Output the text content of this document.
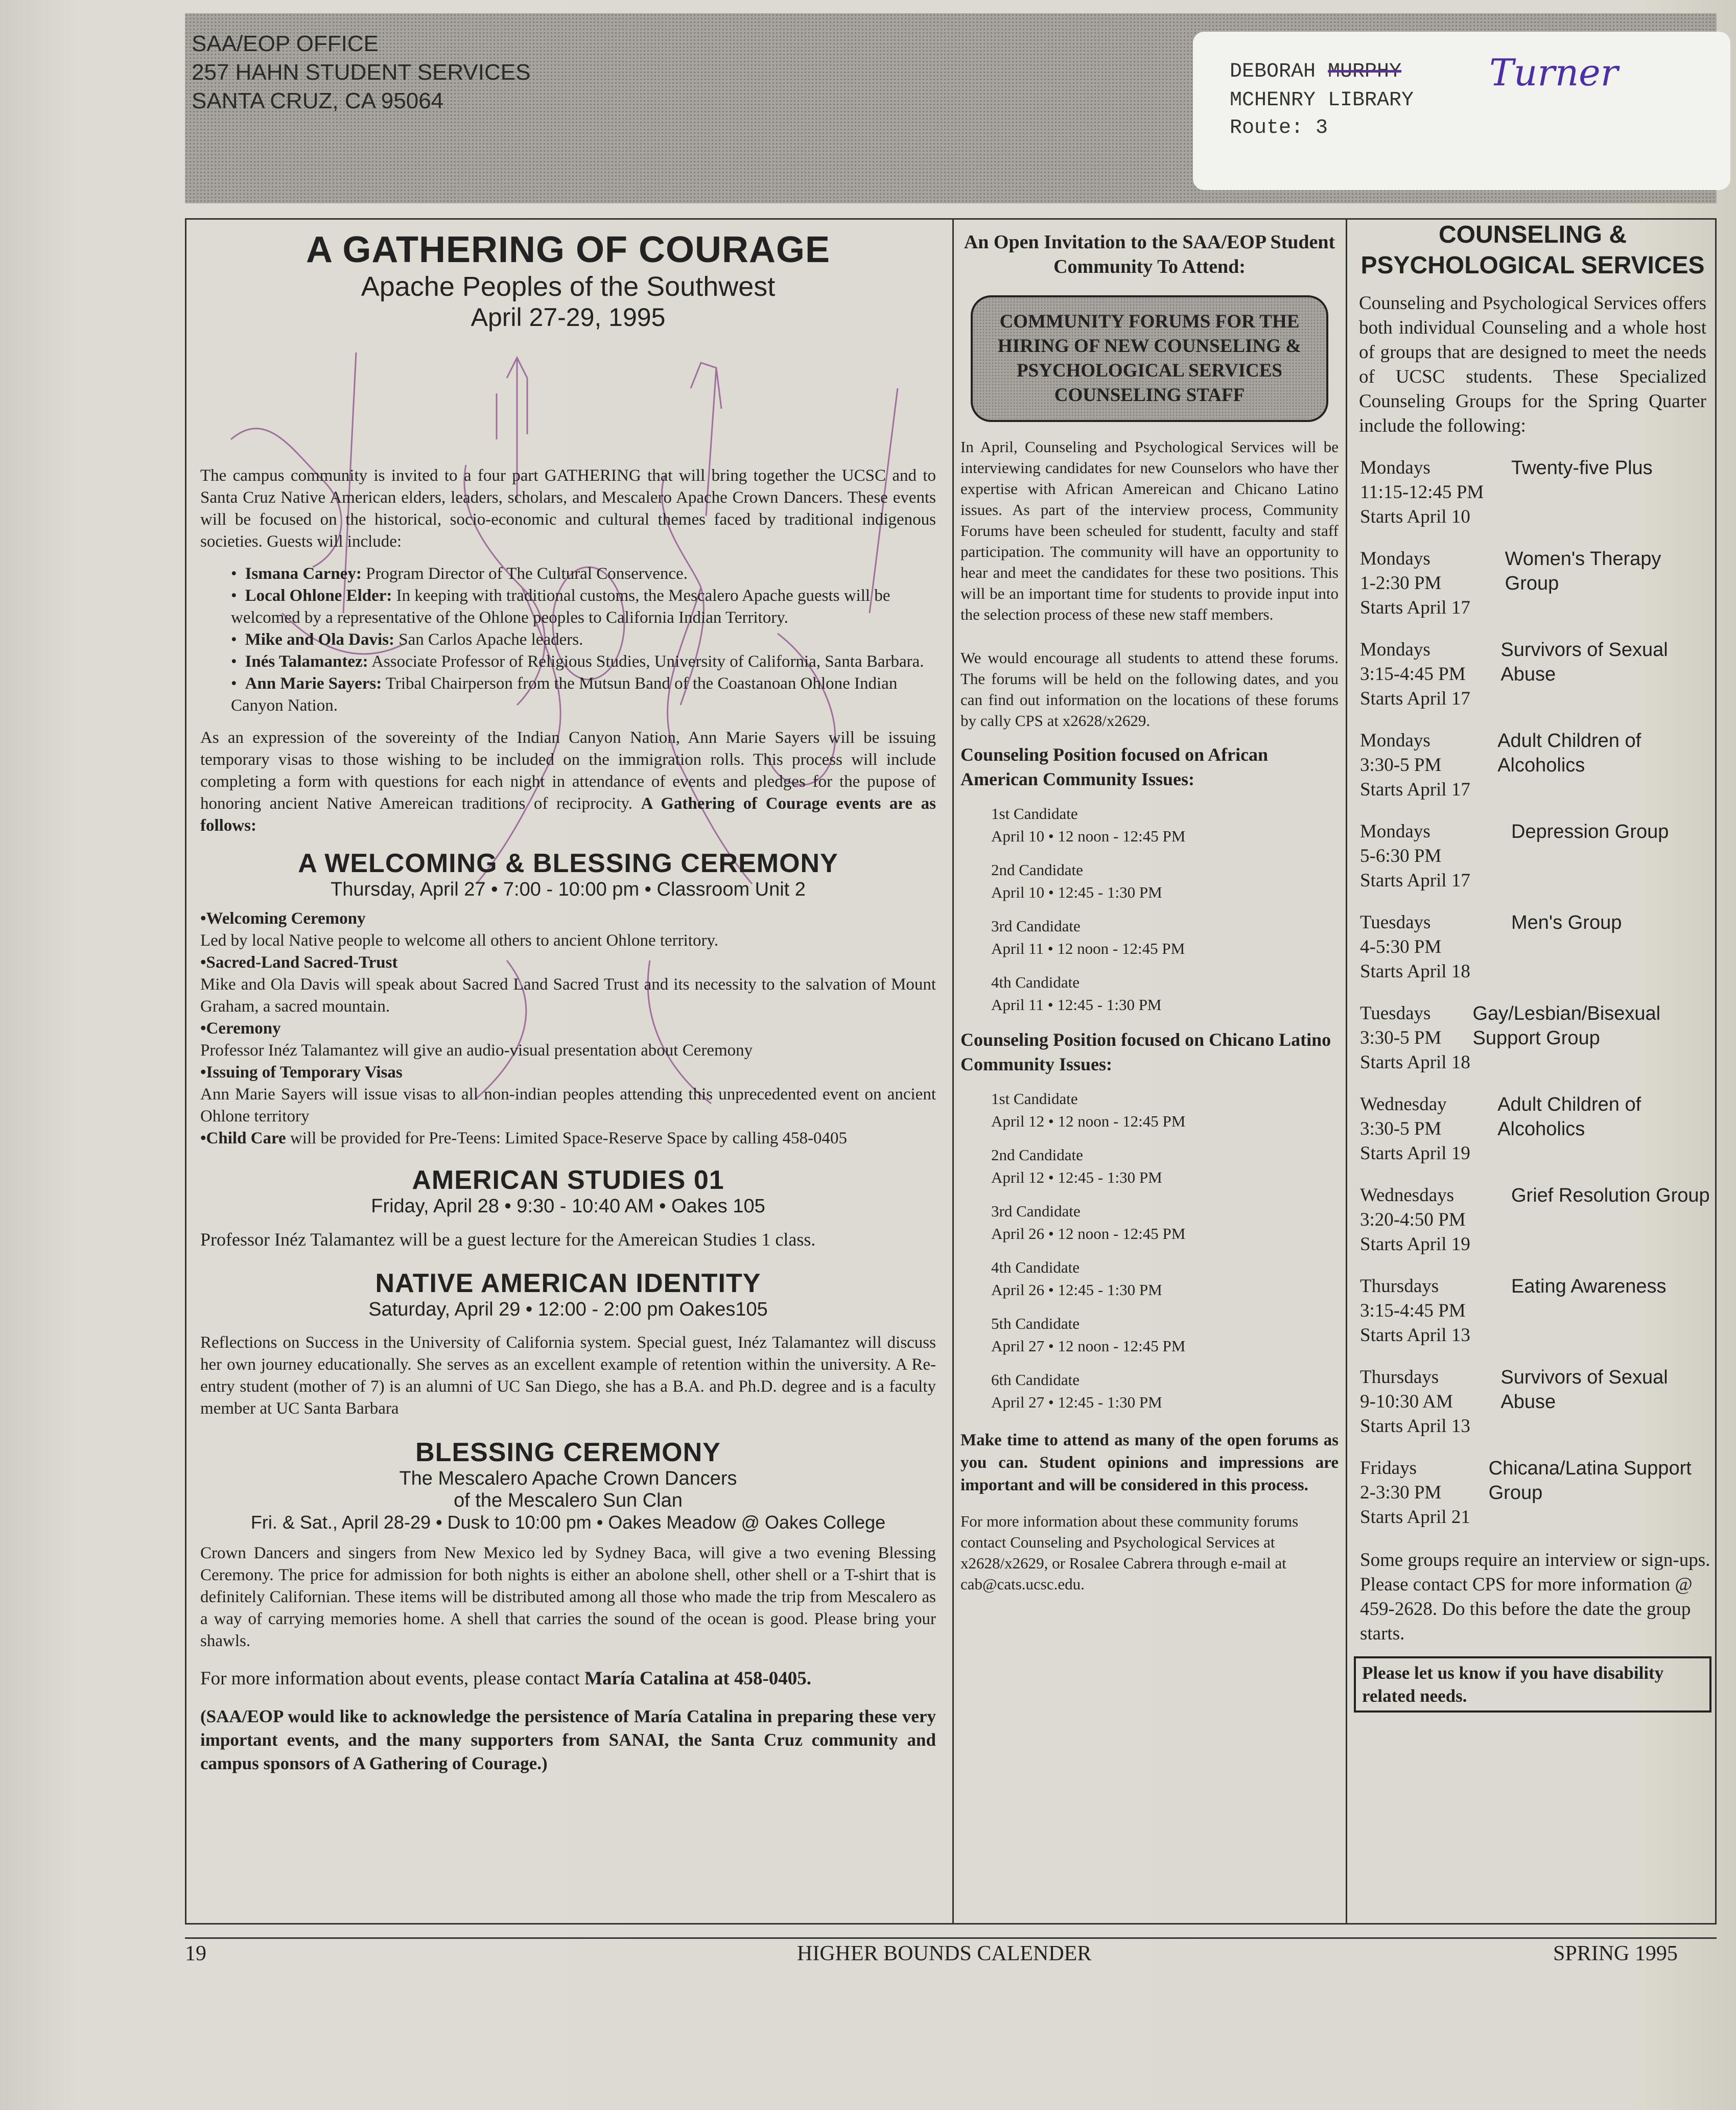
SAA/EOP OFFICE
257 HAHN STUDENT SERVICES
SANTA CRUZ, CA 95064
DEBORAH MURPHY Turner
MCHENRY LIBRARY
Route: 3
A GATHERING OF COURAGE
Apache Peoples of the Southwest
April 27-29, 1995

The campus community is invited to a four part GATHERING that will bring together the UCSC and to Santa Cruz Native American elders, leaders, scholars, and Mescalero Apache Crown Dancers. These events will be focused on the historical, socio-economic and cultural themes faced by traditional indigenous societies. Guests will include:

• Ismana Carney: Program Director of The Cultural Conservence.
• Local Ohlone Elder: In keeping with traditional customs, the Mescalero Apache guests will be welcomed by a representative of the Ohlone peoples to California Indian Territory.
• Mike and Ola Davis: San Carlos Apache leaders.
• Inés Talamantez: Associate Professor of Religious Studies, University of California, Santa Barbara.
• Ann Marie Sayers: Tribal Chairperson from the Mutsun Band of the Coastanoan Ohlone Indian Canyon Nation.

As an expression of the sovereinty of the Indian Canyon Nation, Ann Marie Sayers will be issuing temporary visas to those wishing to be included on the immigration rolls. This process will include completing a form with questions for each night in attendance of events and pledges for the pupose of honoring ancient Native Amereican traditions of reciprocity. A Gathering of Courage events are as follows:

A WELCOMING & BLESSING CEREMONY
Thursday, April 27 • 7:00 - 10:00 pm • Classroom Unit 2
•Welcoming Ceremony

Led by local Native people to welcome all others to ancient Ohlone territory.

•Sacred-Land Sacred-Trust

Mike and Ola Davis will speak about Sacred Land Sacred Trust and its necessity to the salvation of Mount Graham, a sacred mountain.

•Ceremony

Professor Inéz Talamantez will give an audio-visual presentation about Ceremony

•Issuing of Temporary Visas

Ann Marie Sayers will issue visas to all non-indian peoples attending this unprecedented event on ancient Ohlone territory

•Child Care will be provided for Pre-Teens: Limited Space-Reserve Space by calling 458-0405

AMERICAN STUDIES 01
Friday, April 28 • 9:30 - 10:40 AM • Oakes 105

Professor Inéz Talamantez will be a guest lecture for the Amereican Studies 1 class.

NATIVE AMERICAN IDENTITY
Saturday, April 29 • 12:00 - 2:00 pm Oakes105

Reflections on Success in the University of California system. Special guest, Inéz Talamantez will discuss her own journey educationally. She serves as an excellent example of retention within the university. A Re-entry student (mother of 7) is an alumni of UC San Diego, she has a B.A. and Ph.D. degree and is a faculty member at UC Santa Barbara

BLESSING CEREMONY
The Mescalero Apache Crown Dancers
of the Mescalero Sun Clan
Fri. & Sat., April 28-29 • Dusk to 10:00 pm • Oakes Meadow @ Oakes College

Crown Dancers and singers from New Mexico led by Sydney Baca, will give a two evening Blessing Ceremony. The price for admission for both nights is either an abolone shell, other shell or a T-shirt that is definitely Californian. These items will be distributed among all those who made the trip from Mescalero as a way of carrying memories home. A shell that carries the sound of the ocean is good. Please bring your shawls.

For more information about events, please contact María Catalina at 458-0405.

(SAA/EOP would like to acknowledge the persistence of María Catalina in preparing these very important events, and the many supporters from SANAI, the Santa Cruz community and campus sponsors of A Gathering of Courage.)

An Open Invitation to the SAA/EOP Student Community To Attend:
COMMUNITY FORUMS FOR THE HIRING OF NEW COUNSELING & PSYCHOLOGICAL SERVICES COUNSELING STAFF

In April, Counseling and Psychological Services will be interviewing candidates for new Counselors who have ther expertise with African Amereican and Chicano Latino issues. As part of the interview process, Community Forums have been scheuled for studentt, faculty and staff participation. The community will have an opportunity to hear and meet the candidates for these two positions. This will be an important time for students to provide input into the selection process of these new staff members.

We would encourage all students to attend these forums. The forums will be held on the following dates, and you can find out information on the locations of these forums by cally CPS at x2628/x2629.

Counseling Position focused on African American Community Issues:
1st Candidate
April 10 • 12 noon - 12:45 PM
2nd Candidate
April 10 • 12:45 - 1:30 PM
3rd Candidate
April 11 • 12 noon - 12:45 PM
4th Candidate
April 11 • 12:45 - 1:30 PM
Counseling Position focused on Chicano Latino Community Issues:
1st Candidate
April 12 • 12 noon - 12:45 PM
2nd Candidate
April 12 • 12:45 - 1:30 PM
3rd Candidate
April 26 • 12 noon - 12:45 PM
4th Candidate
April 26 • 12:45 - 1:30 PM
5th Candidate
April 27 • 12 noon - 12:45 PM
6th Candidate
April 27 • 12:45 - 1:30 PM

Make time to attend as many of the open forums as you can. Student opinions and impressions are important and will be considered in this process.

For more information about these community forums contact Counseling and Psychological Services at x2628/x2629, or Rosalee Cabrera through e-mail at cab@cats.ucsc.edu.

COUNSELING & PSYCHOLOGICAL SERVICES

Counseling and Psychological Services offers both individual Counseling and a whole host of groups that are designed to meet the needs of UCSC students. These Specialized Counseling Groups for the Spring Quarter include the following:

Mondays
11:15-12:45 PM
Starts April 10
Twenty-five Plus
Mondays
1-2:30 PM
Starts April 17
Women's Therapy Group
Mondays
3:15-4:45 PM
Starts April 17
Survivors of Sexual Abuse
Mondays
3:30-5 PM
Starts April 17
Adult Children of Alcoholics
Mondays
5-6:30 PM
Starts April 17
Depression Group
Tuesdays
4-5:30 PM
Starts April 18
Men's Group
Tuesdays
3:30-5 PM
Starts April 18
Gay/Lesbian/Bisexual Support Group
Wednesday
3:30-5 PM
Starts April 19
Adult Children of Alcoholics
Wednesdays
3:20-4:50 PM
Starts April 19
Grief Resolution Group
Thursdays
3:15-4:45 PM
Starts April 13
Eating Awareness
Thursdays
9-10:30 AM
Starts April 13
Survivors of Sexual Abuse
Fridays
2-3:30 PM
Starts April 21
Chicana/Latina Support Group

Some groups require an interview or sign-ups. Please contact CPS for more information @ 459-2628. Do this before the date the group starts.

Please let us know if you have disability related needs.
19	HIGHER BOUNDS CALENDER	SPRING 1995
